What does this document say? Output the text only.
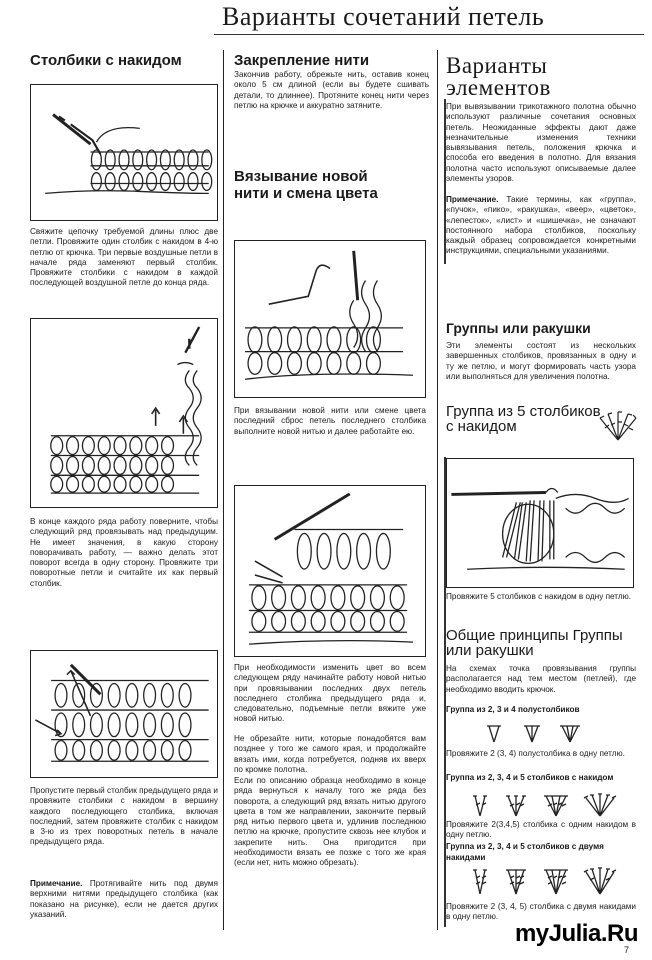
Варианты сочетаний петель
Столбики с накидом
Свяжите цепочку требуемой длины плюс две петли. Провяжите один столбик с накидом в 4-ю петлю от крючка. Три первые воздушные петли в начале ряда заменяют первый столбик. Провяжите столбики с накидом в каждой последующей воздушной петле до конца ряда.
В конце каждого ряда работу поверните, чтобы следующий ряд провязывать над предыдущим. Не имеет значения, в какую сторону поворачивать работу, — важно делать этот поворот всегда в одну сторону. Провяжите три поворотные петли и считайте их как первый столбик.
Пропустите первый столбик предыдущего ряда и провяжите столбики с накидом в вершину каждого последующего столбика, включая последний, затем провяжите столбик с накидом в 3-ю из трех поворотных петель в начале предыдущего ряда.
Примечание. Протягивайте нить под двумя верхними нитями предыдущего столбика (как показано на рисунке), если не дается других указаний.
Закрепление нити
Закончив работу, обрежьте нить, оставив конец около 5 см длиной (если вы будете сшивать детали, то длиннее). Протяните конец нити через петлю на крючке и аккуратно затяните.
Вязывание новой нити и смена цвета
При вязывании новой нити или смене цвета последний сброс петель последнего столбика выполните новой нитью и далее работайте ею.
При необходимости изменить цвет во всем следующем ряду начинайте работу новой нитью при провязывании последних двух петель последнего столбика предыдущего ряда и, следовательно, подъемные петли вяжите уже новой нитью.
Не обрезайте нити, которые понадобятся вам позднее у того же самого края, и продолжайте вязать ими, когда потребуется, подняв их вверх по кромке полотна.
Если по описанию образца необходимо в конце ряда вернуться к началу того же ряда без поворота, а следующий ряд вязать нитью другого цвета в том же направлении, закончите первый ряд нитью первого цвета и, удлинив последнюю петлю на крючке, пропустите сквозь нее клубок и закрепите нить. Она пригодится при необходимости вязать ее позже с того же края (если нет, нить можно обрезать).
Варианты элементов
При вывязывании трикотажного полотна обычно используют различные сочетания основных петель. Неожиданные эффекты дают даже незначительные изменения техники вывязывания петель, положения крючка и способа его введения в полотно. Для вязания полотна часто используют описываемые далее элементы узоров.
Примечание. Такие термины, как «группа», «пучок», «пико», «ракушка», «веер», «цветок», «лепесток», «лист» и «шишечка», не означают постоянного набора столбиков, поскольку каждый образец сопровождается конкретными инструкциями, специальными указаниями.
Группы или ракушки
Эти элементы состоят из нескольких завершенных столбиков, провязанных в одну и ту же петлю, и могут формировать часть узора или выполняться для увеличения полотна.
Группа из 5 столбиков с накидом
Провяжите 5 столбиков с накидом в одну петлю.
Общие принципы Группы или ракушки
На схемах точка провязывания группы располагается над тем местом (петлей), где необходимо вводить крючок.
Группа из 2, 3 и 4 полустолбиков
Провяжите 2 (3, 4) полустолбика в одну петлю.
Группа из 2, 3, 4 и 5 столбиков с накидом
Провяжите 2(3,4,5) столбика с одним накидом в одну петлю.
Группа из 2, 3, 4 и 5 столбиков с двумя накидами
Провяжите 2 (3, 4, 5) столбика с двумя накидами в одну петлю.
myJulia.Ru
7
